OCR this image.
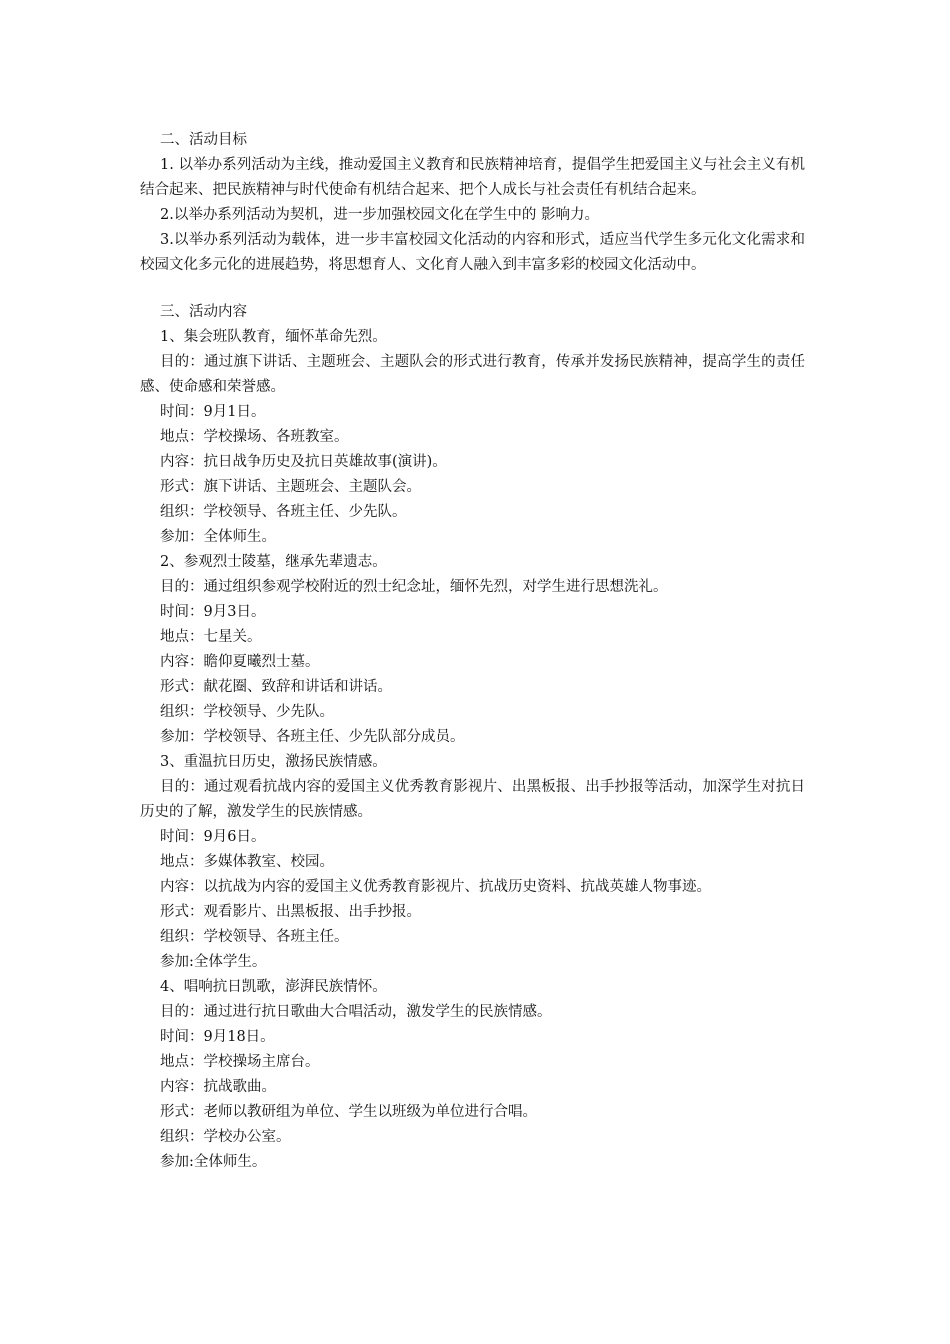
二、活动目标

1. 以举办系列活动为主线，推动爱国主义教育和民族精神培育，提倡学生把爱国主义与社会主义有机结合起来、把民族精神与时代使命有机结合起来、把个人成长与社会责任有机结合起来。

2.以举办系列活动为契机，进一步加强校园文化在学生中的 影响力。

3.以举办系列活动为载体，进一步丰富校园文化活动的内容和形式，适应当代学生多元化文化需求和校园文化多元化的进展趋势，将思想育人、文化育人融入到丰富多彩的校园文化活动中。

三、活动内容

1、集会班队教育，缅怀革命先烈。

目的：通过旗下讲话、主题班会、主题队会的形式进行教育，传承并发扬民族精神，提高学生的责任感、使命感和荣誉感。

时间：9月1日。

地点：学校操场、各班教室。

内容：抗日战争历史及抗日英雄故事(演讲)。

形式：旗下讲话、主题班会、主题队会。

组织：学校领导、各班主任、少先队。

参加：全体师生。

2、参观烈士陵墓，继承先辈遗志。

目的：通过组织参观学校附近的烈士纪念址，缅怀先烈，对学生进行思想洗礼。

时间：9月3日。

地点：七星关。

内容：瞻仰夏曦烈士墓。

形式：献花圈、致辞和讲话和讲话。

组织：学校领导、少先队。

参加：学校领导、各班主任、少先队部分成员。

3、重温抗日历史，激扬民族情感。

目的：通过观看抗战内容的爱国主义优秀教育影视片、出黑板报、出手抄报等活动，加深学生对抗日历史的了解，激发学生的民族情感。

时间：9月6日。

地点：多媒体教室、校园。

内容：以抗战为内容的爱国主义优秀教育影视片、抗战历史资料、抗战英雄人物事迹。

形式：观看影片、出黑板报、出手抄报。

组织：学校领导、各班主任。

参加:全体学生。

4、唱响抗日凯歌，澎湃民族情怀。

目的：通过进行抗日歌曲大合唱活动，激发学生的民族情感。

时间：9月18日。

地点：学校操场主席台。

内容：抗战歌曲。

形式：老师以教研组为单位、学生以班级为单位进行合唱。

组织：学校办公室。

参加:全体师生。
